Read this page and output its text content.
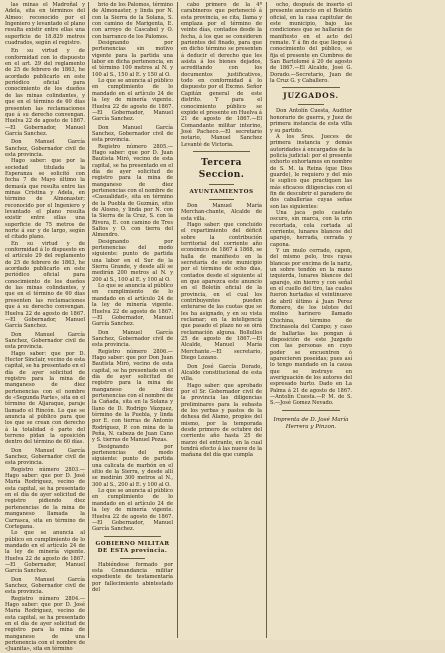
las minas el Madroñal y Adela, sita en términos del Almeo: reconocido por el Ingeniero y levantado el plano resulta existir entre ellas una superficie de 18.829 metros cuadrados, según el registro.

En su virtud y de conformidad con lo dispuesto en el art. 29 del reglamento de 25 de febrero de 1863, he acordado publicarlo en este periódico oficial para conocimiento de los dueños de las minas colindantes, y que en el término de 60 días presenten las reclamaciones que á su derecho convengan. Huelva 22 de agosto de 1867.—El Gobernador, Manuel García Sanchez.

Don Manuel García Sanchez, Gobernador civil de esta provincia.

Hago saber: que por la sociedad titulada la Esperanza se solicitó con fecha 7 de Mayo último la demasía que resulta entre las minas Cristina y Adela, en término de Almonaster; reconocido por el Ingeniero y levantado el plano resulta existir entre ellas una superficie de 75 metros de norte á sur y de largo, según el citado plano.

En su virtud y de conformidad á lo dispuesto en el artículo 29 del reglamento de 25 de febrero de 1863, he acordado publicarlo en este periódico oficial para conocimiento de los dueños de las minas colindantes, y que en el término de 60 días presenten las reclamaciones que á su derecho convengan. Huelva 22 de agosto de 1867.—El Gobernador, Manuel García Sanchez.

Don Manuel García Sanchez, Gobernador civil de esta provincia.

Hago saber: que por D. Hector Sinclair, vecino de esta capital, se ha presentado en el día de ayer solicitud de registro para la mina de manganeso de diez pertenencias con el nombre de «Segunda Parte», sita en el término de Aljaraque, paraje llamado el Rincón. Lo que se anuncia al público para que los que se crean con derecho á la totalidad ó parte del terreno pidan la oposición dentro del término de 60 días.

Don Manuel García Sanchez, Gobernador civil de esta provincia.

Registro número 2803.—Hago saber: que por D. José María Rodríguez, vecino de esta capital, se ha presentado en el día de ayer solicitud de registro pidiendo diez pertenencias de la mina de manganeso llamada la Carrasca, sita en término de Cortegana.

Lo que se anuncia al público en cumplimiento de lo mandado en el artículo 24 de la ley de minería vigente. Huelva 22 de agosto de 1867.—El Gobernador, Manuel García Sanchez.

Don Manuel García Sanchez, Gobernador civil de esta provincia.

Registro número 2804.—Hago saber: que por D. José María Rodríguez, vecino de esta capital, se ha presentado en el día de ayer solicitud de registro para la mina de manganeso de una pertenencia con el nombre de «Juanita», sita en término

brio de los Palomos, término de Almonaster, y linda por N. con la Sierra de la Solana, S. con camino de Marigenta, E. con arroyo de Cascabel y O. con barranco de los Palomos.

Designando por pertenencias sin motivo vigente para la partida una labor en dicha pertenencia, en el término 100 metros al N. y 100 al S., 150 al E. y 150 al O.

Lo que se anuncia al público en cumplimiento de lo mandado en el artículo 24 de la ley de minería vigente. Huelva 22 de agosto de 1867.—El Gobernador, Manuel García Sanchez.

Don Manuel García Sanchez, Gobernador civil de esta provincia.

Registro número 2805.—Hago saber: que por D. Juan Bautista Miró, vecino de esta capital, se ha presentado en el día de ayer solicitud de registro para la mina de manganeso de diez pertenencias con el nombre de «Casualidad», sita en término de la Puebla de Guzmán, sitio de Alosno, y linda por N. con la Sierra de la Cruz, S. con la Rivera, E. con camino de Tres Saltos y O. con tierra del Almendro.

Designando por pertenencias del modo siguiente: punto de partida una labor en el Sur de la Sierra Grande, y desde allí se medirán 200 metros al N. y 200 al S., 100 al E. y 100 al O.

Lo que se anuncia al público en cumplimiento de lo mandado en el artículo 24 de la ley de minería vigente. Huelva 22 de agosto de 1867.—El Gobernador, Manuel García Sanchez.

Don Manuel García Sanchez, Gobernador civil de esta provincia.

Registro número 2806.—Hago saber: que por Don Juan Bautista Miró, vecino de esta capital, se ha presentado en el día de ayer solicitud de registro para la mina de manganeso de diez pertenencias con el nombre de la Cañada, sita en la Solana y llano de D. Rodrigo Vázquez, término de la Puebla, y linda por E. con tierras de Antonio Rodríguez, P. con mina de la Peña, N. cabeza de Juan Cano y S. tierras de Manuel Pozas.

Designando por pertenencias del modo siguiente: punto de partida una calicata de marbón en el sitio de la Sierra, y desde allí se medirán 300 metros al N., 300 al S., 200 al E. y 100 al O.

Lo que se anuncia al público en cumplimiento de lo mandado en el artículo 24 de la ley de minería vigente. Huelva 22 de agosto de 1867.—El Gobernador, Manuel García Sanchez.

GOBIERNO MILITAR DE ESTA provincia.

Habiéndose formado por esta Comandancia militar expediente de testamentaría por fallecimiento abintestado del

cabo primero de la 4ª carabineros que perteneció á esta provincia, se cita, llama y emplaza por el término de veinte días, contados desde la fecha, á los que se consideren parientes del finado, para que en dicho término se presenten á deducir el derecho que les asista á los bienes dejados, acreditando con los documentos justificativos, todo en conformidad á lo dispuesto por el Excmo. Señor Capitán general de este distrito. Y para el conocimiento público se expide el presente en Huelva á 21 de agosto de 1867.—El Comandante militar interino, José Pacheco.—El secretario notario, Manuel Sanchez Levanté de Victoria.

Tercera Seccion.

AYUNTAMIENTOS

Don Manuel María Merchan-chante, Alcalde de esta villa.

Hago saber: que concluido el repartimiento del déficit sobre la contribución territorial del corriente año económico de 1867 á 1868, se halla de manifiesto en la secretaría de este municipio por el término de ocho días, contados desde el siguiente al en que aparezca este anuncio en el Boletín oficial de la provincia, en el cual los contribuyentes pueden enterarse de las cuotas que se les ha asignado, y en su vista reclamar; en la inteligencia que pasado el plazo no se oirá reclamación alguna. Bollullos 25 de agosto de 1867.—El Alcalde, Manuel María Merchante.—El secretario, Diego Lozano.

Don José García Dorado, Alcalde constitucional de esta villa.

Hago saber: que aprobado por el Sr. Gobernador civil de la provincia las diligencias preliminares para la subasta de los yerbas y pastos de la dehesa del Alamo, propios del mismo, por la temporada desde primero de octubre del corriente año hasta 25 de marzo del entrante, en la cual tendrá efecto á las nueve de la mañana del día que cumpla

ocho, después de inserto el presente anuncio en el Boletín oficial, en la casa capitular de este municipio, bajo las condiciones que se hallarán de manifiesto en el acto del remate. Y á fin de que llegue á conocimiento del público, se fija el presente en Cumbres de San Bartolomé á 20 de agosto de 1867.—El Alcalde, José G. Dorado.—Secretario, Juan de la Cruz G. y Caballero.

JUZGADOS.

Don Antolín Cuesta, Auditor honorario de guerra, y Juez de primera instancia de esta villa y su partido.

Á los Sres. Jueces de primera instancia y demás autoridades á encargados de la policía judicial: por el presente exhorto exhortamos en nombre de S. M. la Reina (que Dios guarde), le requiero y del mío le suplico que practiquen las más eficaces diligencias con el fin de descubrir el paradero de dos caballerías cuyas señas son las siguientes:

Una jaca pelo castaño oscuro, sin marca, con la crin recortada, cola cortada al corriente, lunares blancos del aparejo, herrada, cerrada y capona.

Y un mulo cerrado, capon, del mismo pelo, tres rayas blancas por encima de la nariz, un sobre tendón en la mano izquierda, lunares blancos del aparejo, sin hierro y con señal en el cuello del tiro, las cuales fueron hurtadas el veintinueve de abril último á Juan Perez Romero, de los islotes del molino harinero llamado Chichina, término de Encinasola del Campo; y caso de hallarlas las pongan á disposición de este Juzgado con las personas en cuyo poder se encuentren ó aparecieren poseídas; pues así lo tengo mandado en la causa que se instruye en averiguación de los autores del espresado hurto. Dado en La Palma á 21 de agosto de 1867.—Antolín Cuesta.—P. M. de S. S.—José Gomez Nevado.

Imprenta de D. José María Herrera y Pinzon.
